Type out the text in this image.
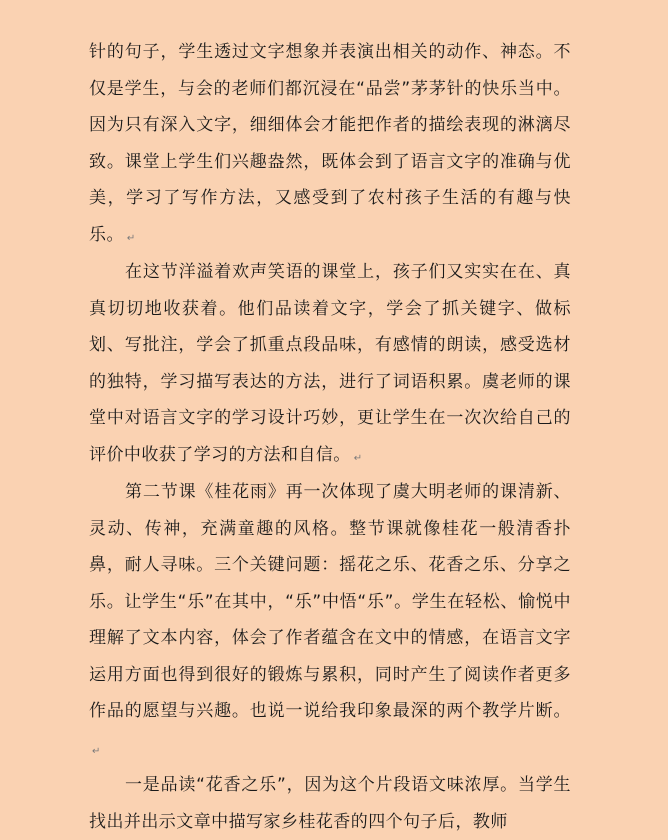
针的句子，学生透过文字想象并表演出相关的动作、神态。不仅是学生，与会的老师们都沉浸在“品尝”茅茅针的快乐当中。因为只有深入文字，细细体会才能把作者的描绘表现的淋漓尽致。课堂上学生们兴趣盎然，既体会到了语言文字的准确与优美，学习了写作方法，又感受到了农村孩子生活的有趣与快乐。 ↵

在这节洋溢着欢声笑语的课堂上，孩子们又实实在在、真真切切地收获着。他们品读着文字，学会了抓关键字、做标划、写批注，学会了抓重点段品味，有感情的朗读，感受选材的独特，学习描写表达的方法，进行了词语积累。虞老师的课堂中对语言文字的学习设计巧妙，更让学生在一次次给自己的评价中收获了学习的方法和自信。 ↵

第二节课《桂花雨》再一次体现了虞大明老师的课清新、灵动、传神，充满童趣的风格。整节课就像桂花一般清香扑鼻，耐人寻味。三个关键问题：摇花之乐、花香之乐、分享之乐。让学生“乐”在其中，“乐”中悟“乐”。学生在轻松、愉悦中理解了文本内容，体会了作者蕴含在文中的情感，在语言文字运用方面也得到很好的锻炼与累积，同时产生了阅读作者更多作品的愿望与兴趣。也说一说给我印象最深的两个教学片断。↵

一是品读“花香之乐”，因为这个片段语文味浓厚。当学生找出并出示文章中描写家乡桂花香的四个句子后，教师
